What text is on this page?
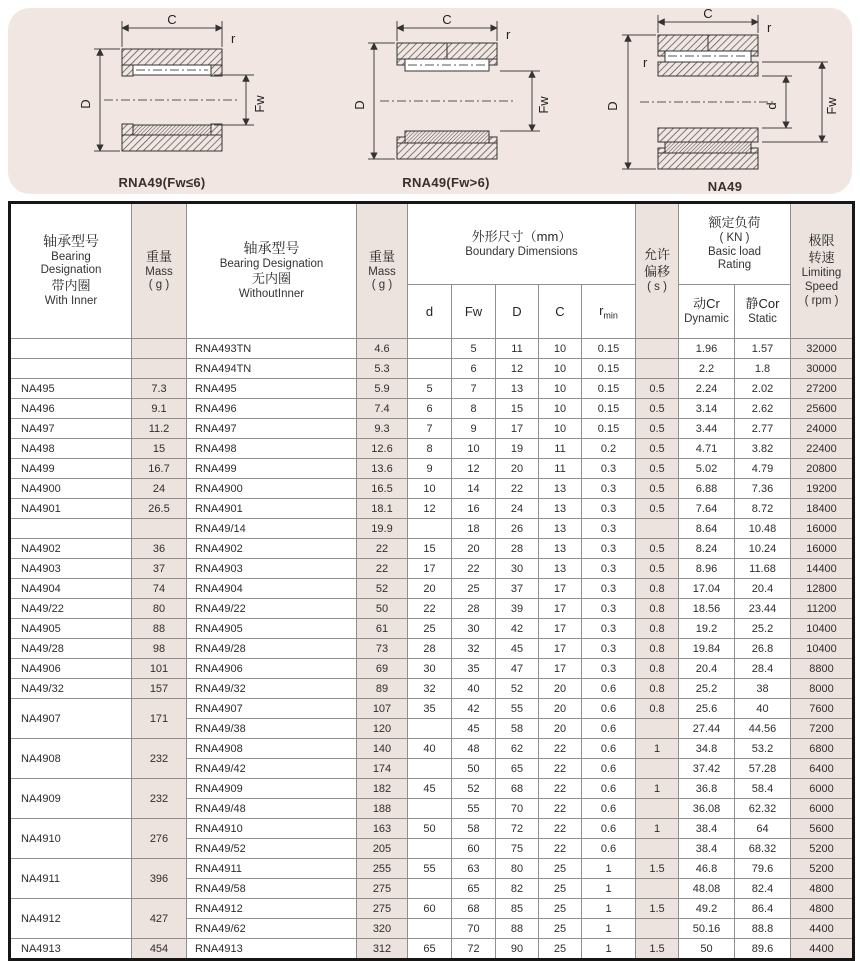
C
r
D	Fw
RNA49(Fw≤6)
C
r
D	Fw
RNA49(Fw>6)
C
r
r
D	d	Fw
NA49
轴承型号
Bearing
Designation
带内圈
With Inner

重量
Mass
( g )

轴承型号
Bearing Designation
无内圈
WithoutInner

重量
Mass
( g )

外形尺寸（mm）
Boundary Dimensions	允许
偏移
( s )

额定负荷
( KN )
Basic load
Rating

极限
转速
Limiting
Speed
( rpm )

d	Fw	D	C	$r_{min}$	
动Cr
Dynamic

静Cor
Static

		RNA493TN	4.6		5	11	10	0.15		1.96	1.57	32000
		RNA494TN	5.3		6	12	10	0.15		2.2	1.8	30000
NA495	7.3	RNA495	5.9	5	7	13	10	0.15	0.5	2.24	2.02	27200
NA496	9.1	RNA496	7.4	6	8	15	10	0.15	0.5	3.14	2.62	25600
NA497	11.2	RNA497	9.3	7	9	17	10	0.15	0.5	3.44	2.77	24000
NA498	15	RNA498	12.6	8	10	19	11	0.2	0.5	4.71	3.82	22400
NA499	16.7	RNA499	13.6	9	12	20	11	0.3	0.5	5.02	4.79	20800
NA4900	24	RNA4900	16.5	10	14	22	13	0.3	0.5	6.88	7.36	19200
NA4901	26.5	RNA4901	18.1	12	16	24	13	0.3	0.5	7.64	8.72	18400
		RNA49/14	19.9		18	26	13	0.3		8.64	10.48	16000
NA4902	36	RNA4902	22	15	20	28	13	0.3	0.5	8.24	10.24	16000
NA4903	37	RNA4903	22	17	22	30	13	0.3	0.5	8.96	11.68	14400
NA4904	74	RNA4904	52	20	25	37	17	0.3	0.8	17.04	20.4	12800
NA49/22	80	RNA49/22	50	22	28	39	17	0.3	0.8	18.56	23.44	11200
NA4905	88	RNA4905	61	25	30	42	17	0.3	0.8	19.2	25.2	10400
NA49/28	98	RNA49/28	73	28	32	45	17	0.3	0.8	19.84	26.8	10400
NA4906	101	RNA4906	69	30	35	47	17	0.3	0.8	20.4	28.4	8800
NA49/32	157	RNA49/32	89	32	40	52	20	0.6	0.8	25.2	38	8000
NA4907	171	RNA4907	107	35	42	55	20	0.6	0.8	25.6	40	7600
		RNA49/38	120		45	58	20	0.6		27.44	44.56	7200
NA4908	232	RNA4908	140	40	48	62	22	0.6	1	34.8	53.2	6800
		RNA49/42	174		50	65	22	0.6		37.42	57.28	6400
NA4909	232	RNA4909	182	45	52	68	22	0.6	1	36.8	58.4	6000
		RNA49/48	188		55	70	22	0.6		36.08	62.32	6000
NA4910	276	RNA4910	163	50	58	72	22	0.6	1	38.4	64	5600
		RNA49/52	205		60	75	22	0.6		38.4	68.32	5200
NA4911	396	RNA4911	255	55	63	80	25	1	1.5	46.8	79.6	5200
		RNA49/58	275		65	82	25	1		48.08	82.4	4800
NA4912	427	RNA4912	275	60	68	85	25	1	1.5	49.2	86.4	4800
		RNA49/62	320		70	88	25	1		50.16	88.8	4400
NA4913	454	RNA4913	312	65	72	90	25	1	1.5	50	89.6	4400
